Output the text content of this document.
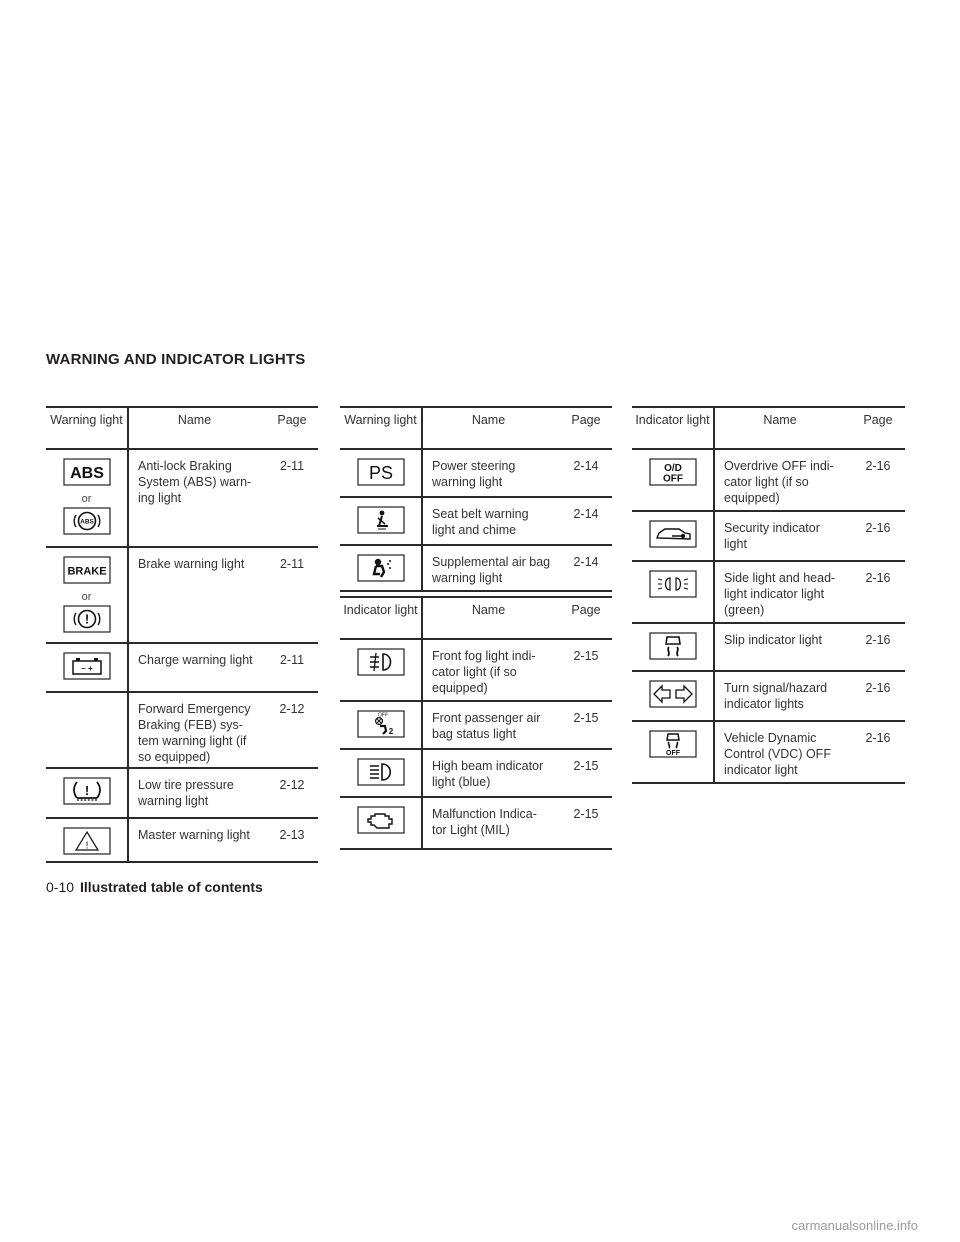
WARNING AND INDICATOR LIGHTS
Warning light	Name	Page

ABS
or
ABS	Anti-lock Braking System (ABS) warn- ing light	2-11

BRAKE
or
!	Brake warning light	2-11

– +	Charge warning light	2-11
	Forward Emergency Braking (FEB) sys- tem warning light (if so equipped)	2-12

!	Low tire pressure warning light	2-12

!	Master warning light	2-13
Warning light	Name	Page

PS	Power steering warning light	2-14

	Seat belt warning light and chime	2-14

	Supplemental air bag warning light	2-14
Indicator light	Name	Page

	Front fog light indi- cator light (if so equipped)	2-15

OFF
2	Front passenger air bag status light	2-15

	High beam indicator light (blue)	2-15

	Malfunction Indica- tor Light (MIL)	2-15
Indicator light	Name	Page

O/D
OFF	Overdrive OFF indi- cator light (if so equipped)	2-16

	Security indicator light	2-16

	Side light and head- light indicator light (green)	2-16

	Slip indicator light	2-16

	Turn signal/hazard indicator lights	2-16

OFF	Vehicle Dynamic Control (VDC) OFF indicator light	2-16
0-10 Illustrated table of contents
carmanualsonline.info
